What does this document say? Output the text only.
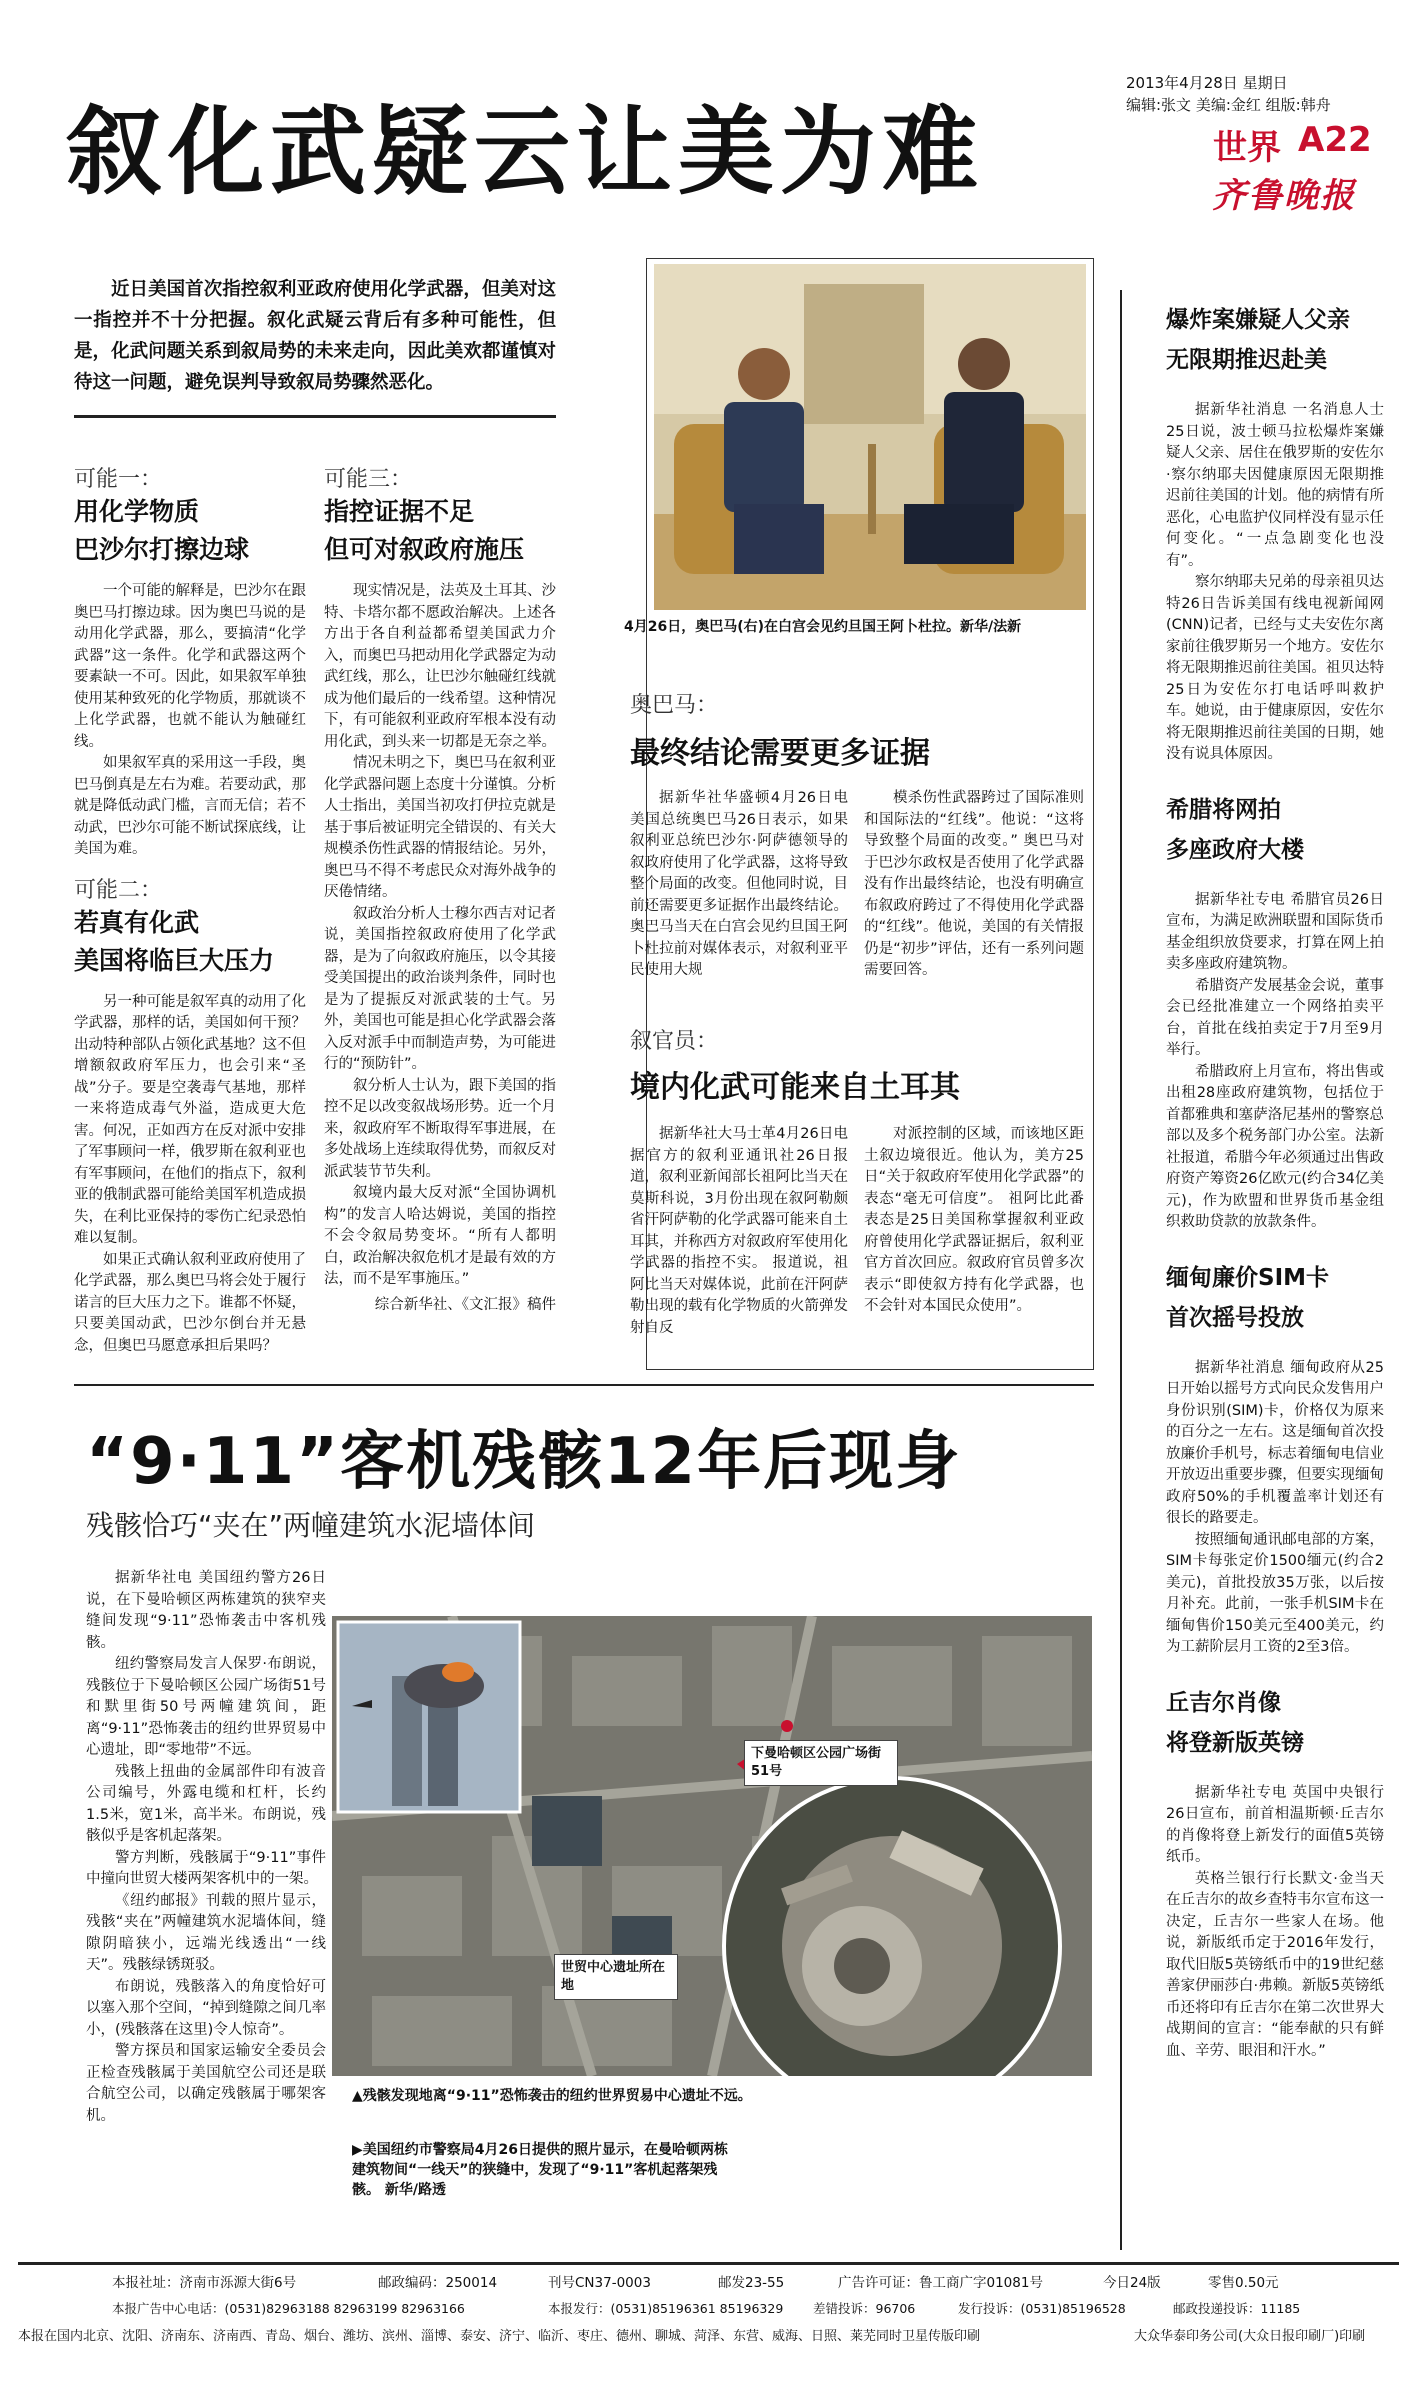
2013年4月28日 星期日
编辑:张文 美编:金红 组版:韩舟
世界 A22
齐鲁晚报
叙化武疑云让美为难
近日美国首次指控叙利亚政府使用化学武器，但美对这一指控并不十分把握。叙化武疑云背后有多种可能性，但是，化武问题关系到叙局势的未来走向，因此美欢都谨慎对待这一问题，避免误判导致叙局势骤然恶化。
可能一：
用化学物质
巴沙尔打擦边球

一个可能的解释是，巴沙尔在跟奥巴马打擦边球。因为奥巴马说的是动用化学武器，那么，要搞清“化学武器”这一条件。化学和武器这两个要素缺一不可。因此，如果叙军单独使用某种致死的化学物质，那就谈不上化学武器，也就不能认为触碰红线。

如果叙军真的采用这一手段，奥巴马倒真是左右为难。若要动武，那就是降低动武门槛，言而无信；若不动武，巴沙尔可能不断试探底线，让美国为难。

可能二：
若真有化武
美国将临巨大压力

另一种可能是叙军真的动用了化学武器，那样的话，美国如何干预？出动特种部队占领化武基地？这不但增额叙政府军压力，也会引来“圣战”分子。要是空袭毒气基地，那样一来将造成毒气外溢，造成更大危害。何况，正如西方在反对派中安排了军事顾问一样，俄罗斯在叙利亚也有军事顾问，在他们的指点下，叙利亚的俄制武器可能给美国军机造成损失，在利比亚保持的零伤亡纪录恐怕难以复制。

如果正式确认叙利亚政府使用了化学武器，那么奥巴马将会处于履行诺言的巨大压力之下。谁都不怀疑，只要美国动武，巴沙尔倒台并无悬念，但奥巴马愿意承担后果吗？

可能三：
指控证据不足
但可对叙政府施压

现实情况是，法英及土耳其、沙特、卡塔尔都不愿政治解决。上述各方出于各自利益都希望美国武力介入，而奥巴马把动用化学武器定为动武红线，那么，让巴沙尔触碰红线就成为他们最后的一线希望。这种情况下，有可能叙利亚政府军根本没有动用化武，到头来一切都是无奈之举。

情况未明之下，奥巴马在叙利亚化学武器问题上态度十分谨慎。分析人士指出，美国当初攻打伊拉克就是基于事后被证明完全错误的、有关大规模杀伤性武器的情报结论。另外，奥巴马不得不考虑民众对海外战争的厌倦情绪。

叙政治分析人士穆尔西吉对记者说，美国指控叙政府使用了化学武器，是为了向叙政府施压，以令其接受美国提出的政治谈判条件，同时也是为了提振反对派武装的士气。另外，美国也可能是担心化学武器会落入反对派手中而制造声势，为可能进行的“预防针”。

叙分析人士认为，跟下美国的指控不足以改变叙战场形势。近一个月来，叙政府军不断取得军事进展，在多处战场上连续取得优势，而叙反对派武装节节失利。

叙境内最大反对派“全国协调机构”的发言人哈达姆说，美国的指控不会令叙局势变坏。“所有人都明白，政治解决叙危机才是最有效的方法，而不是军事施压。”

综合新华社、《文汇报》稿件
4月26日，奥巴马(右)在白宫会见约旦国王阿卜杜拉。新华/法新
奥巴马：
最终结论需要更多证据

据新华社华盛顿4月26日电 美国总统奥巴马26日表示，如果叙利亚总统巴沙尔·阿萨德领导的叙政府使用了化学武器，这将导致整个局面的改变。但他同时说，目前还需要更多证据作出最终结论。 奥巴马当天在白宫会见约旦国王阿卜杜拉前对媒体表示，对叙利亚平民使用大规

模杀伤性武器跨过了国际准则和国际法的“红线”。他说：“这将导致整个局面的改变。” 奥巴马对于巴沙尔政权是否使用了化学武器没有作出最终结论，也没有明确宣布叙政府跨过了不得使用化学武器的“红线”。他说，美国的有关情报仍是“初步”评估，还有一系列问题需要回答。

叙官员：
境内化武可能来自土耳其

据新华社大马士革4月26日电 据官方的叙利亚通讯社26日报道，叙利亚新闻部长祖阿比当天在莫斯科说，3月份出现在叙阿勒颇省汗阿萨勒的化学武器可能来自土耳其，并称西方对叙政府军使用化学武器的指控不实。 报道说，祖阿比当天对媒体说，此前在汗阿萨勒出现的载有化学物质的火箭弹发射自反

对派控制的区域，而该地区距土叙边境很近。他认为，美方25日“关于叙政府军使用化学武器”的表态“毫无可信度”。 祖阿比此番表态是25日美国称掌握叙利亚政府曾使用化学武器证据后，叙利亚官方首次回应。叙政府官员曾多次表示“即使叙方持有化学武器，也不会针对本国民众使用”。

爆炸案嫌疑人父亲
无限期推迟赴美

据新华社消息 一名消息人士25日说，波士顿马拉松爆炸案嫌疑人父亲、居住在俄罗斯的安佐尔·察尔纳耶夫因健康原因无限期推迟前往美国的计划。他的病情有所恶化，心电监护仪同样没有显示任何变化。“一点急剧变化也没有”。

察尔纳耶夫兄弟的母亲祖贝达特26日告诉美国有线电视新闻网(CNN)记者，已经与丈夫安佐尔离家前往俄罗斯另一个地方。安佐尔将无限期推迟前往美国。祖贝达特25日为安佐尔打电话呼叫救护车。她说，由于健康原因，安佐尔将无限期推迟前往美国的日期，她没有说具体原因。

希腊将网拍
多座政府大楼

据新华社专电 希腊官员26日宣布，为满足欧洲联盟和国际货币基金组织放贷要求，打算在网上拍卖多座政府建筑物。

希腊资产发展基金会说，董事会已经批准建立一个网络拍卖平台，首批在线拍卖定于7月至9月举行。

希腊政府上月宣布，将出售或出租28座政府建筑物，包括位于首都雅典和塞萨洛尼基州的警察总部以及多个税务部门办公室。法新社报道，希腊今年必须通过出售政府资产筹资26亿欧元(约合34亿美元)，作为欧盟和世界货币基金组织救助贷款的放款条件。

缅甸廉价SIM卡
首次摇号投放

据新华社消息 缅甸政府从25日开始以摇号方式向民众发售用户身份识别(SIM)卡，价格仅为原来的百分之一左右。这是缅甸首次投放廉价手机号，标志着缅甸电信业开放迈出重要步骤，但要实现缅甸政府50%的手机覆盖率计划还有很长的路要走。

按照缅甸通讯邮电部的方案，SIM卡每张定价1500缅元(约合2美元)，首批投放35万张，以后按月补充。此前，一张手机SIM卡在缅甸售价150美元至400美元，约为工薪阶层月工资的2至3倍。

丘吉尔肖像
将登新版英镑

据新华社专电 英国中央银行26日宣布，前首相温斯顿·丘吉尔的肖像将登上新发行的面值5英镑纸币。

英格兰银行行长默文·金当天在丘吉尔的故乡查特韦尔宣布这一决定，丘吉尔一些家人在场。他说，新版纸币定于2016年发行，取代旧版5英镑纸币中的19世纪慈善家伊丽莎白·弗赖。新版5英镑纸币还将印有丘吉尔在第二次世界大战期间的宣言：“能奉献的只有鲜血、辛劳、眼泪和汗水。”

“9·11”客机残骸12年后现身
残骸恰巧“夹在”两幢建筑水泥墙体间

据新华社电 美国纽约警方26日说，在下曼哈顿区两栋建筑的狭窄夹缝间发现“9·11”恐怖袭击中客机残骸。

纽约警察局发言人保罗·布朗说，残骸位于下曼哈顿区公园广场街51号和默里街50号两幢建筑间，距离“9·11”恐怖袭击的纽约世界贸易中心遗址，即“零地带”不远。

残骸上扭曲的金属部件印有波音公司编号，外露电缆和杠杆，长约1.5米，宽1米，高半米。布朗说，残骸似乎是客机起落架。

警方判断，残骸属于“9·11”事件中撞向世贸大楼两架客机中的一架。

《纽约邮报》刊载的照片显示，残骸“夹在”两幢建筑水泥墙体间，缝隙阴暗狭小，远端光线透出“一线天”。残骸绿锈斑驳。

布朗说，残骸落入的角度恰好可以塞入那个空间，“掉到缝隙之间几率小，(残骸落在这里)令人惊奇”。

警方探员和国家运输安全委员会正检查残骸属于美国航空公司还是联合航空公司，以确定残骸属于哪架客机。

下曼哈顿区公园广场街51号
世贸中心遗址所在地
▲残骸发现地离“9·11”恐怖袭击的纽约世界贸易中心遗址不远。
▶美国纽约市警察局4月26日提供的照片显示，在曼哈顿两栋建筑物间“一线天”的狭缝中，发现了“9·11”客机起落架残骸。 新华/路透
本报社址：济南市泺源大街6号	邮政编码：250014	刊号CN37-0003	邮发23-55	广告许可证：鲁工商广字01081号	今日24版	零售0.50元
本报广告中心电话：(0531)82963188 82963199 82963166	本报发行：(0531)85196361 85196329 差错投诉：96706	发行投诉：(0531)85196528	邮政投递投诉：11185
本报在国内北京、沈阳、济南东、济南西、青岛、烟台、潍坊、滨州、淄博、泰安、济宁、临沂、枣庄、德州、聊城、菏泽、东营、威海、日照、莱芜同时卫星传版印刷	大众华泰印务公司(大众日报印刷厂)印刷
